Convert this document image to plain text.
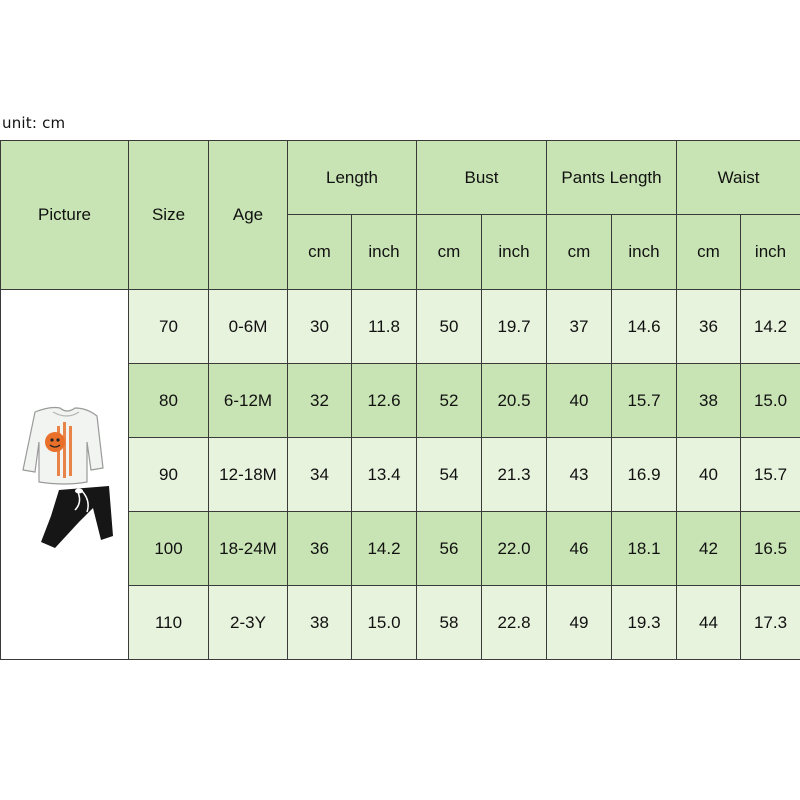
unit: cm
Picture	Size	Age	Length		Bust		Pants Length		Waist	
			cm	inch	cm	inch	cm	inch	cm	inch

	70	0-6M	30	11.8	50	19.7	37	14.6	36	14.2
	80	6-12M	32	12.6	52	20.5	40	15.7	38	15.0
	90	12-18M	34	13.4	54	21.3	43	16.9	40	15.7
	100	18-24M	36	14.2	56	22.0	46	18.1	42	16.5
	110	2-3Y	38	15.0	58	22.8	49	19.3	44	17.3
